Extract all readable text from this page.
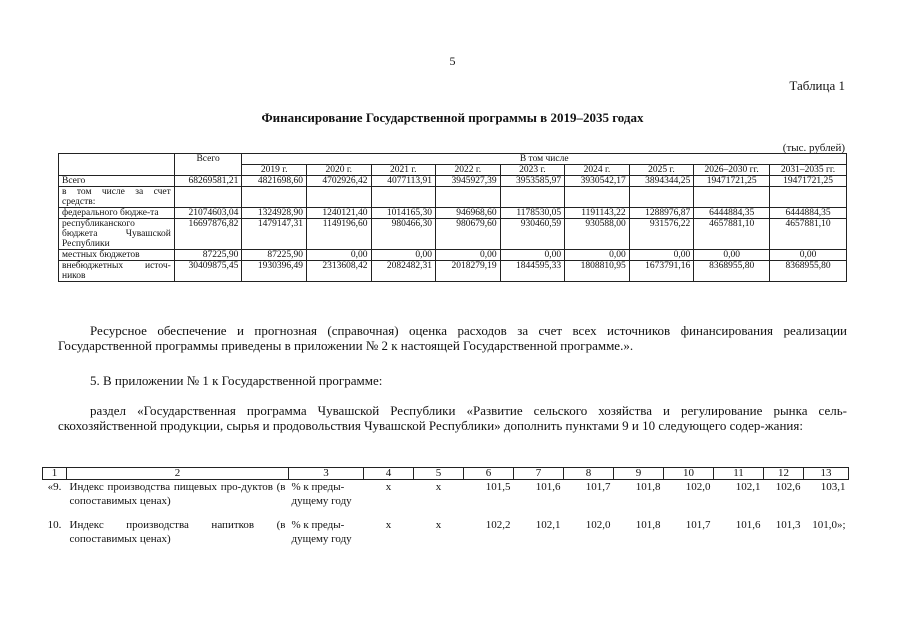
5
Таблица 1
Финансирование Государственной программы в 2019–2035 годах
(тыс. рублей)
	Всего	В том числе								
		2019 г.	2020 г.	2021 г.	2022 г.	2023 г.	2024 г.	2025 г.	2026–2030 гг.	2031–2035 гг.
Всего	68269581,21	4821698,60	4702926,42	4077113,91	3945927,39	3953585,97	3930542,17	3894344,25	19471721,25	19471721,25
в том числе за счет средств:										
федерального бюдже-та	21074603,04	1324928,90	1240121,40	1014165,30	946968,60	1178530,05	1191143,22	1288976,87	6444884,35	6444884,35
республиканского бюджета Чувашской Республики	16697876,82	1479147,31	1149196,60	980466,30	980679,60	930460,59	930588,00	931576,22	4657881,10	4657881,10
местных бюджетов	87225,90	87225,90	0,00	0,00	0,00	0,00	0,00	0,00	0,00	0,00
внебюджетных источ-ников	30409875,45	1930396,49	2313608,42	2082482,31	2018279,19	1844595,33	1808810,95	1673791,16	8368955,80	8368955,80
Ресурсное обеспечение и прогнозная (справочная) оценка расходов за счет всех источников финансирования реализации Государственной программы приведены в приложении № 2 к настоящей Государственной программе.».
5. В приложении № 1 к Государственной программе:
раздел «Государственная программа Чувашской Республики «Развитие сельского хозяйства и регулирование рынка сель-скохозяйственной продукции, сырья и продовольствия Чувашской Республики» дополнить пунктами 9 и 10 следующего содер-жания:
1	2	3	4	5	6	7	8	9	10	11	12	13
«9.	Индекс производства пищевых про-дуктов (в сопоставимых ценах)	% к преды-дущему году	x	x	101,5	101,6	101,7	101,8	102,0	102,1	102,6	103,1

10.	Индекс производства напитков (в сопоставимых ценах)	% к преды-дущему году	x	x	102,2	102,1	102,0	101,8	101,7	101,6	101,3	101,0»;
